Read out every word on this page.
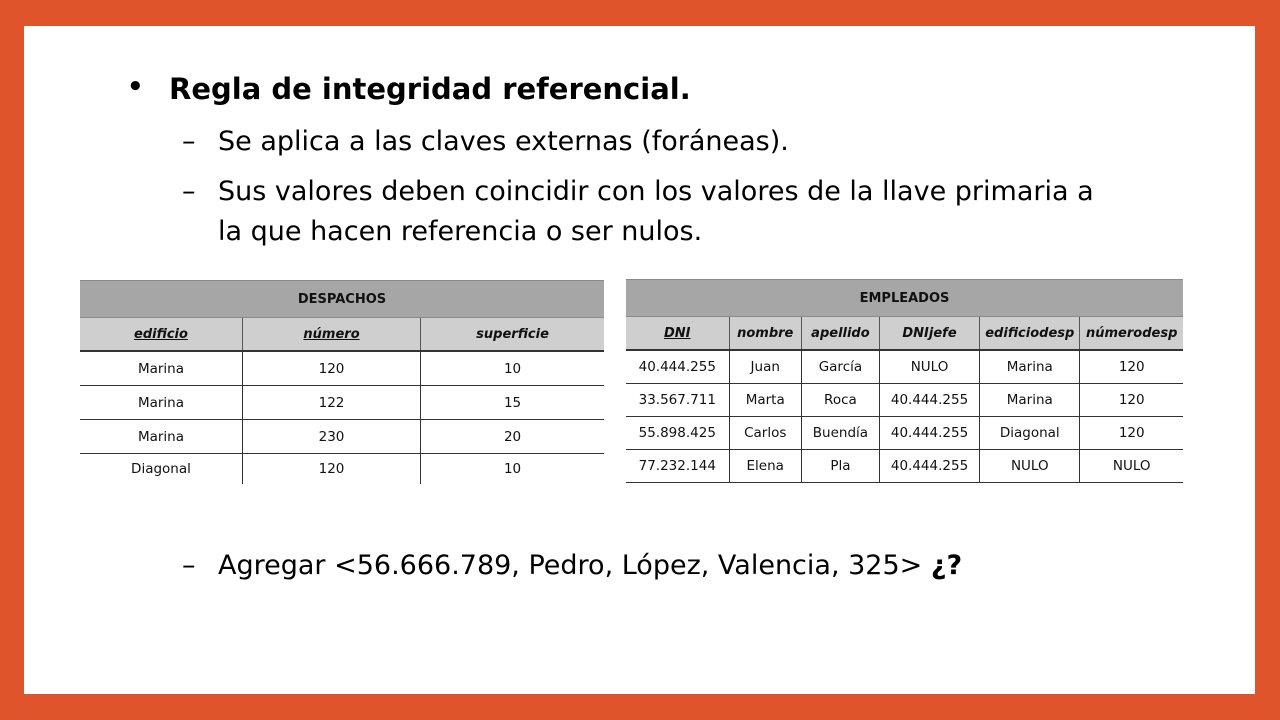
• Regla de integridad referencial.
– Se aplica a las claves externas (foráneas).
– Sus valores deben coincidir con los valores de la llave primaria a
la que hacen referencia o ser nulos.
DESPACHOS		
edificio	número	superficie
Marina	120	10
Marina	122	15
Marina	230	20
Diagonal	120	10
EMPLEADOS					
DNI	nombre	apellido	DNIjefe	edificiodesp	númerodesp
40.444.255	Juan	García	NULO	Marina	120
33.567.711	Marta	Roca	40.444.255	Marina	120
55.898.425	Carlos	Buendía	40.444.255	Diagonal	120
77.232.144	Elena	Pla	40.444.255	NULO	NULO
– Agregar <56.666.789, Pedro, López, Valencia, 325> ¿?
